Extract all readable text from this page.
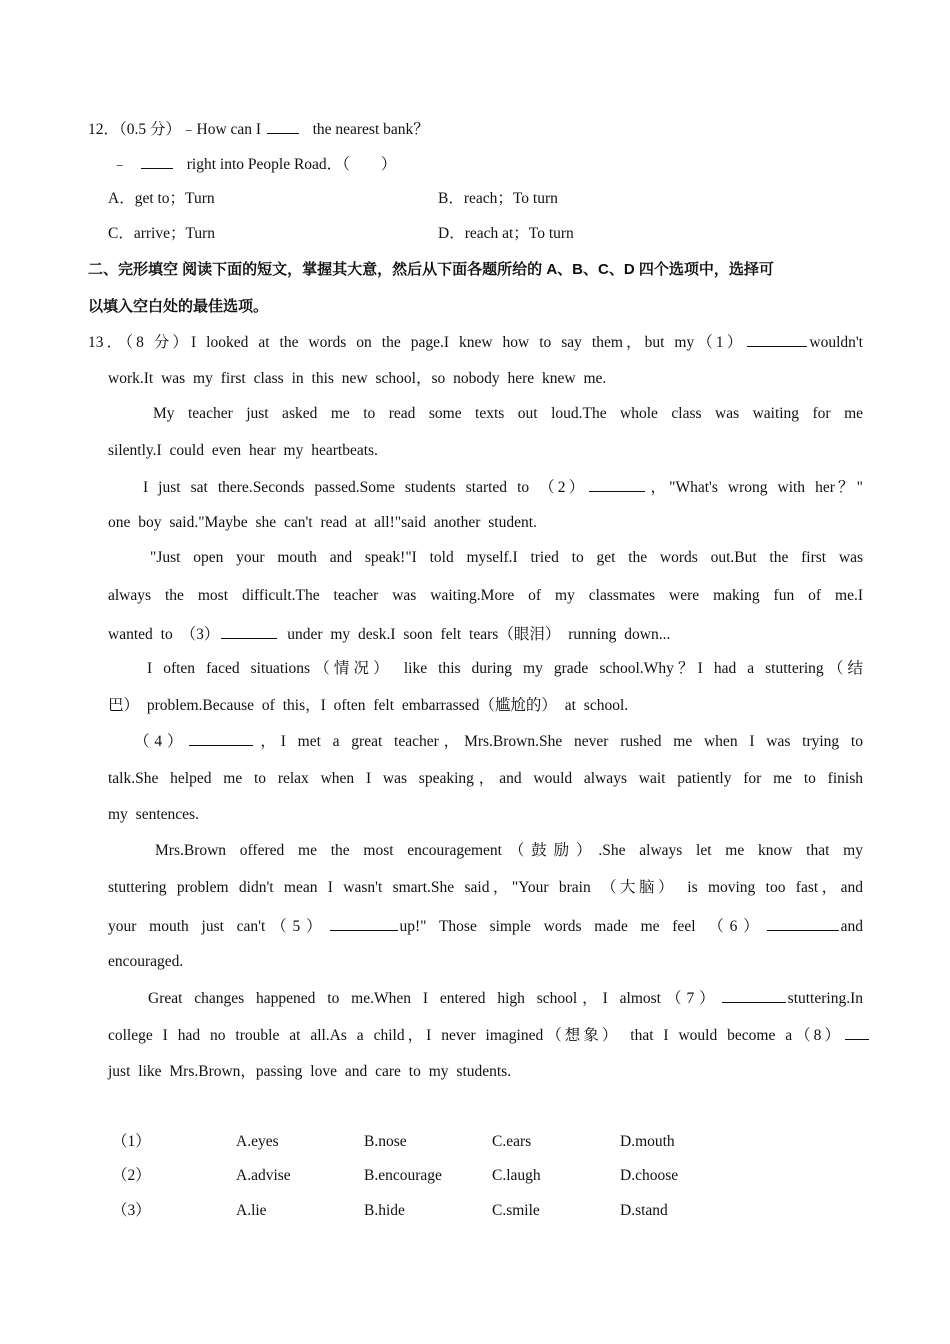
12．（0.5 分）﹣How can I	the nearest bank？
﹣	right into People Road．（　　）
A．get to；Turn	B．reach；To turn
C．arrive；Turn	D．reach at；To turn
二、完形填空 阅读下面的短文，掌握其大意，然后从下面各题所给的 A、B、C、D 四个选项中，选择可
以填入空白处的最佳选项。
13．（8 分）I looked at the words on the page.I knew how to say them，but my（1）	wouldn't
work.It was my first class in this new school，so nobody here knew me.
My teacher just asked me to read some texts out loud.The whole class was waiting for me
silently.I could even hear my heartbeats.
I just sat there.Seconds passed.Some students started to （2）	，"What's wrong with her？"
one boy said."Maybe she can't read at all!"said another student.
"Just open your mouth and speak!"I told myself.I tried to get the words out.But the first was
always the most difficult.The teacher was waiting.More of my classmates were making fun of me.I
wanted to （3）	under my desk.I soon felt tears（眼泪） running down...
I often faced situations（情况） like this during my grade school.Why？I had a stuttering（结
巴） problem.Because of this，I often felt embarrassed（尴尬的） at school.
（4）	，I met a great teacher，Mrs.Brown.She never rushed me when I was trying to
talk.She helped me to relax when I was speaking，and would always wait patiently for me to finish
my sentences.
Mrs.Brown offered me the most encouragement（鼓励）.She always let me know that my
stuttering problem didn't mean I wasn't smart.She said，"Your brain （大脑） is moving too fast，and
your mouth just can't（5）	up!" Those simple words made me feel （6）	and
encouraged.
Great changes happened to me.When I entered high school，I almost（7）	stuttering.In
college I had no trouble at all.As a child，I never imagined（想象） that I would become a（8）
just like Mrs.Brown，passing love and care to my students.
（1）	A.eyes	B.nose	C.ears	D.mouth
（2）	A.advise	B.encourage	C.laugh	D.choose
（3）	A.lie	B.hide	C.smile	D.stand
